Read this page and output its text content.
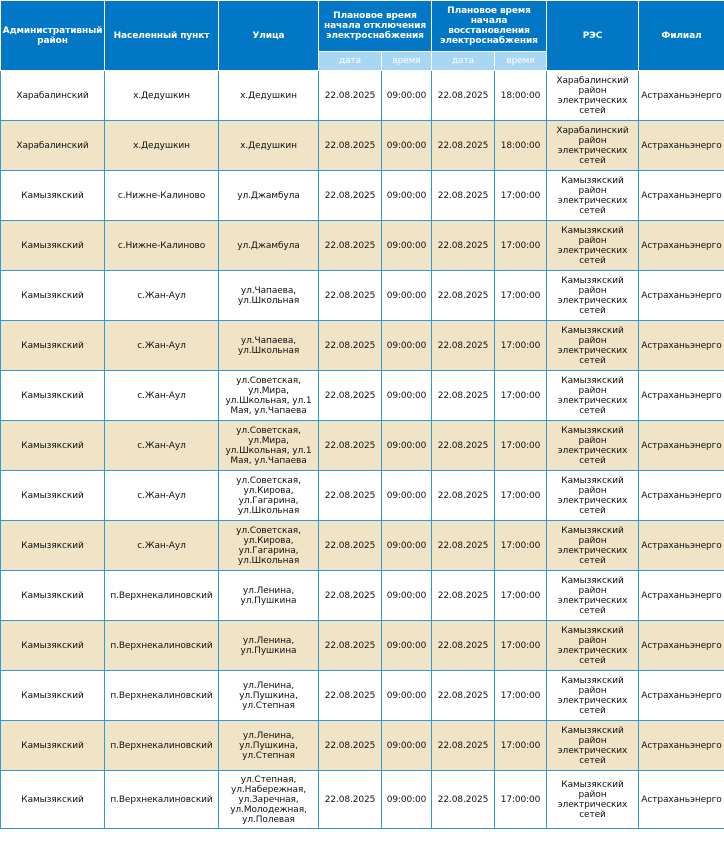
Административный район	Населенный пункт	Улица	Плановое время начала отключения электроснабжения		Плановое время начала восстановления электроснабжения		РЭС	Филиал
			дата	время	дата	время		
Харабалинский	х.Дедушкин	х.Дедушкин	22.08.2025	09:00:00	22.08.2025	18:00:00	Харабалинский район электрических сетей	Астраханьэнерго
Харабалинский	х.Дедушкин	х.Дедушкин	22.08.2025	09:00:00	22.08.2025	18:00:00	Харабалинский район электрических сетей	Астраханьэнерго
Камызякский	с.Нижне-Калиново	ул.Джамбула	22.08.2025	09:00:00	22.08.2025	17:00:00	Камызякский район электрических сетей	Астраханьэнерго
Камызякский	с.Нижне-Калиново	ул.Джамбула	22.08.2025	09:00:00	22.08.2025	17:00:00	Камызякский район электрических сетей	Астраханьэнерго
Камызякский	с.Жан-Аул	ул.Чапаева, ул.Школьная	22.08.2025	09:00:00	22.08.2025	17:00:00	Камызякский район электрических сетей	Астраханьэнерго
Камызякский	с.Жан-Аул	ул.Чапаева, ул.Школьная	22.08.2025	09:00:00	22.08.2025	17:00:00	Камызякский район электрических сетей	Астраханьэнерго
Камызякский	с.Жан-Аул	ул.Советская, ул.Мира, ул.Школьная, ул.1 Мая, ул.Чапаева	22.08.2025	09:00:00	22.08.2025	17:00:00	Камызякский район электрических сетей	Астраханьэнерго
Камызякский	с.Жан-Аул	ул.Советская, ул.Мира, ул.Школьная, ул.1 Мая, ул.Чапаева	22.08.2025	09:00:00	22.08.2025	17:00:00	Камызякский район электрических сетей	Астраханьэнерго
Камызякский	с.Жан-Аул	ул.Советская, ул.Кирова, ул.Гагарина, ул.Школьная	22.08.2025	09:00:00	22.08.2025	17:00:00	Камызякский район электрических сетей	Астраханьэнерго
Камызякский	с.Жан-Аул	ул.Советская, ул.Кирова, ул.Гагарина, ул.Школьная	22.08.2025	09:00:00	22.08.2025	17:00:00	Камызякский район электрических сетей	Астраханьэнерго
Камызякский	п.Верхнекалиновский	ул.Ленина, ул.Пушкина	22.08.2025	09:00:00	22.08.2025	17:00:00	Камызякский район электрических сетей	Астраханьэнерго
Камызякский	п.Верхнекалиновский	ул.Ленина, ул.Пушкина	22.08.2025	09:00:00	22.08.2025	17:00:00	Камызякский район электрических сетей	Астраханьэнерго
Камызякский	п.Верхнекалиновский	ул.Ленина, ул.Пушкина, ул.Степная	22.08.2025	09:00:00	22.08.2025	17:00:00	Камызякский район электрических сетей	Астраханьэнерго
Камызякский	п.Верхнекалиновский	ул.Ленина, ул.Пушкина, ул.Степная	22.08.2025	09:00:00	22.08.2025	17:00:00	Камызякский район электрических сетей	Астраханьэнерго
Камызякский	п.Верхнекалиновский	ул.Степная, ул.Набережная, ул.Заречная, ул.Молодежная, ул.Полевая	22.08.2025	09:00:00	22.08.2025	17:00:00	Камызякский район электрических сетей	Астраханьэнерго
